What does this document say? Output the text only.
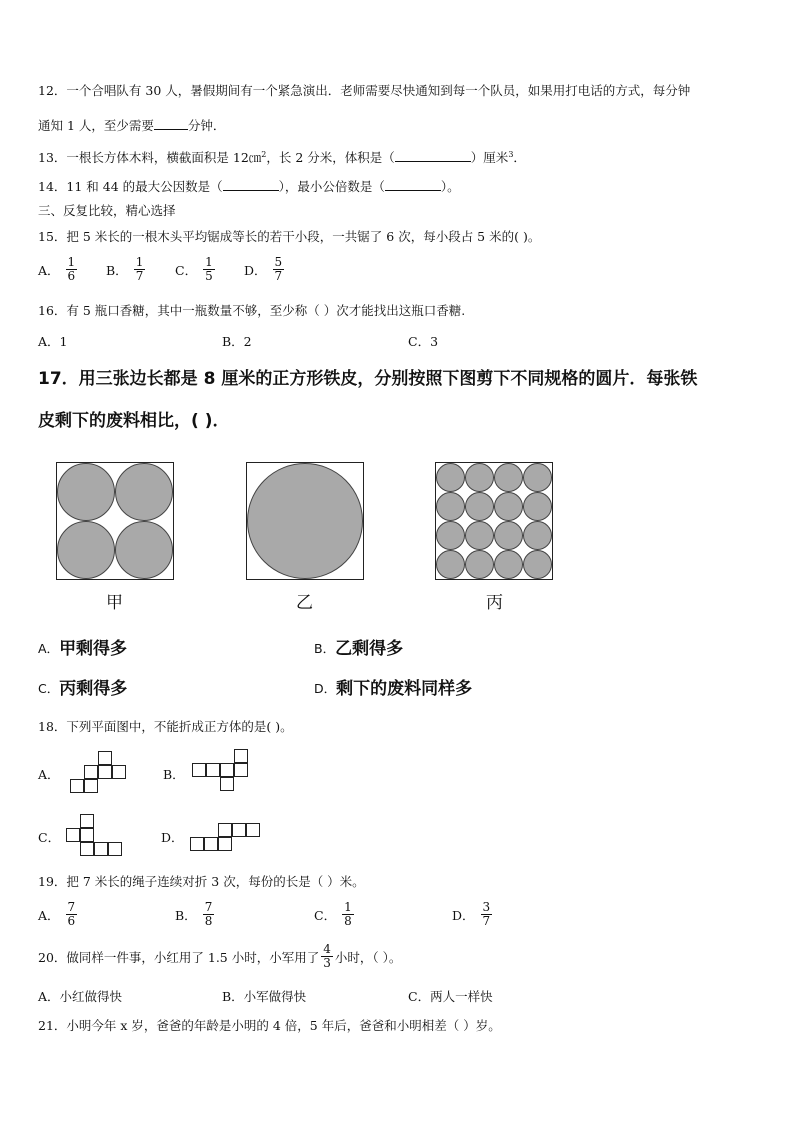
12．一个合唱队有 30 人，暑假期间有一个紧急演出．老师需要尽快通知到每一个队员，如果用打电话的方式，每分钟
通知 1 人，至少需要	分钟．
13．一根长方体木料，横截面积是 12㎝$^2$，长 2 分米，体积是（	）厘米$^3$．
14．11 和 44 的最大公因数是（	），最小公倍数是（	）。
三、反复比较，精心选择
15．把 5 米长的一根木头平均锯成等长的若干小段，一共锯了 6 次，每小段占 5 米的( )。
A． $\frac{1}{6}$ B． $\frac{1}{7}$ C． $\frac{1}{5}$ D． $\frac{5}{7}$
16．有 5 瓶口香糖，其中一瓶数量不够，至少称（ ）次才能找出这瓶口香糖.
A．1	B．2	C．3
17．用三张边长都是 8 厘米的正方形铁皮，分别按照下图剪下不同规格的圆片．每张铁
皮剩下的废料相比，( )．
甲	乙	丙
A． 甲剩得多	B． 乙剩得多
C． 丙剩得多	D． 剩下的废料同样多
18．下列平面图中，不能折成正方体的是( )。
A．	B．
C．	D．
19．把 7 米长的绳子连续对折 3 次，每份的长是（ ）米。
A． $\frac{7}{6}$	B． $\frac{7}{8}$	C． $\frac{1}{8}$	D． $\frac{3}{7}$
20．做同样一件事，小红用了 1.5 小时，小军用了 $\frac{4}{3}$ 小时，（ ）。
A．小红做得快	B．小军做得快	C．两人一样快
21．小明今年 x 岁，爸爸的年龄是小明的 4 倍，5 年后，爸爸和小明相差（ ）岁。
